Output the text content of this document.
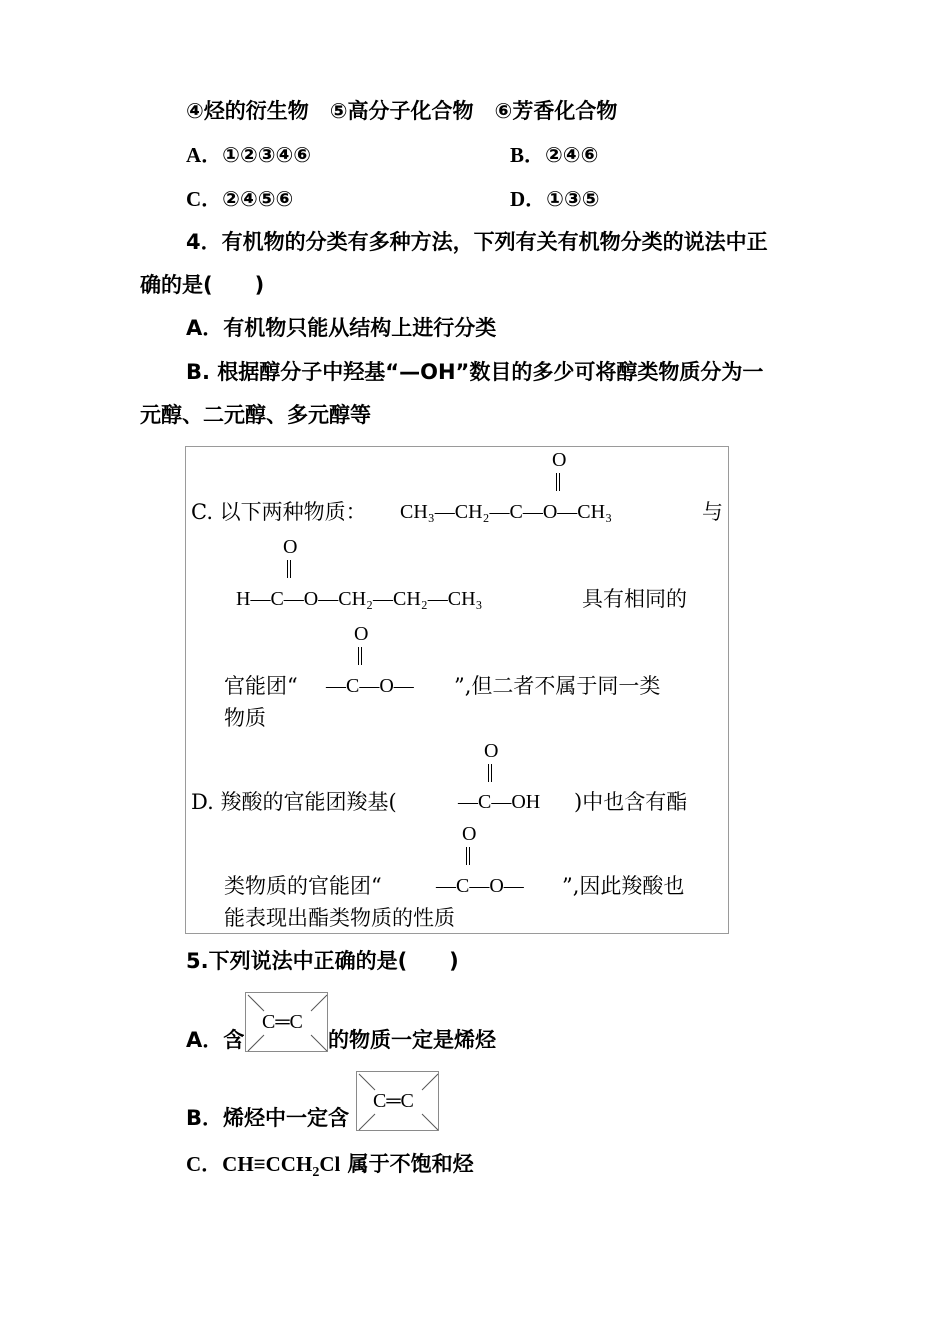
④烃的衍生物　⑤高分子化合物　⑥芳香化合物
A．①②③④⑥	B．②④⑥
C．②④⑤⑥	D．①③⑤
4．有机物的分类有多种方法，下列有关有机物分类的说法中正
确的是(　　)
A．有机物只能从结构上进行分类
B. 根据醇分子中羟基“—OH”数目的多少可将醇类物质分为一
元醇、二元醇、多元醇等
C. 以下两种物质：
O
CH₃—CH₂—C—O—CH₃	与
O
H—C—O—CH₂—CH₂—CH₃	具有相同的
O
官能团“ —C—O— ”,但二者不属于同一类
物质
O
D. 羧酸的官能团羧基(	—C—OH )中也含有酯
O
类物质的官能团“	—C—O— ”,因此羧酸也
能表现出酯类物质的性质
5.下列说法中正确的是(　　)
A．含
C═C
的物质一定是烯烃
B．烯烃中一定含
C═C
C．$CH\equiv CCH_2Cl$ 属于不饱和烃
